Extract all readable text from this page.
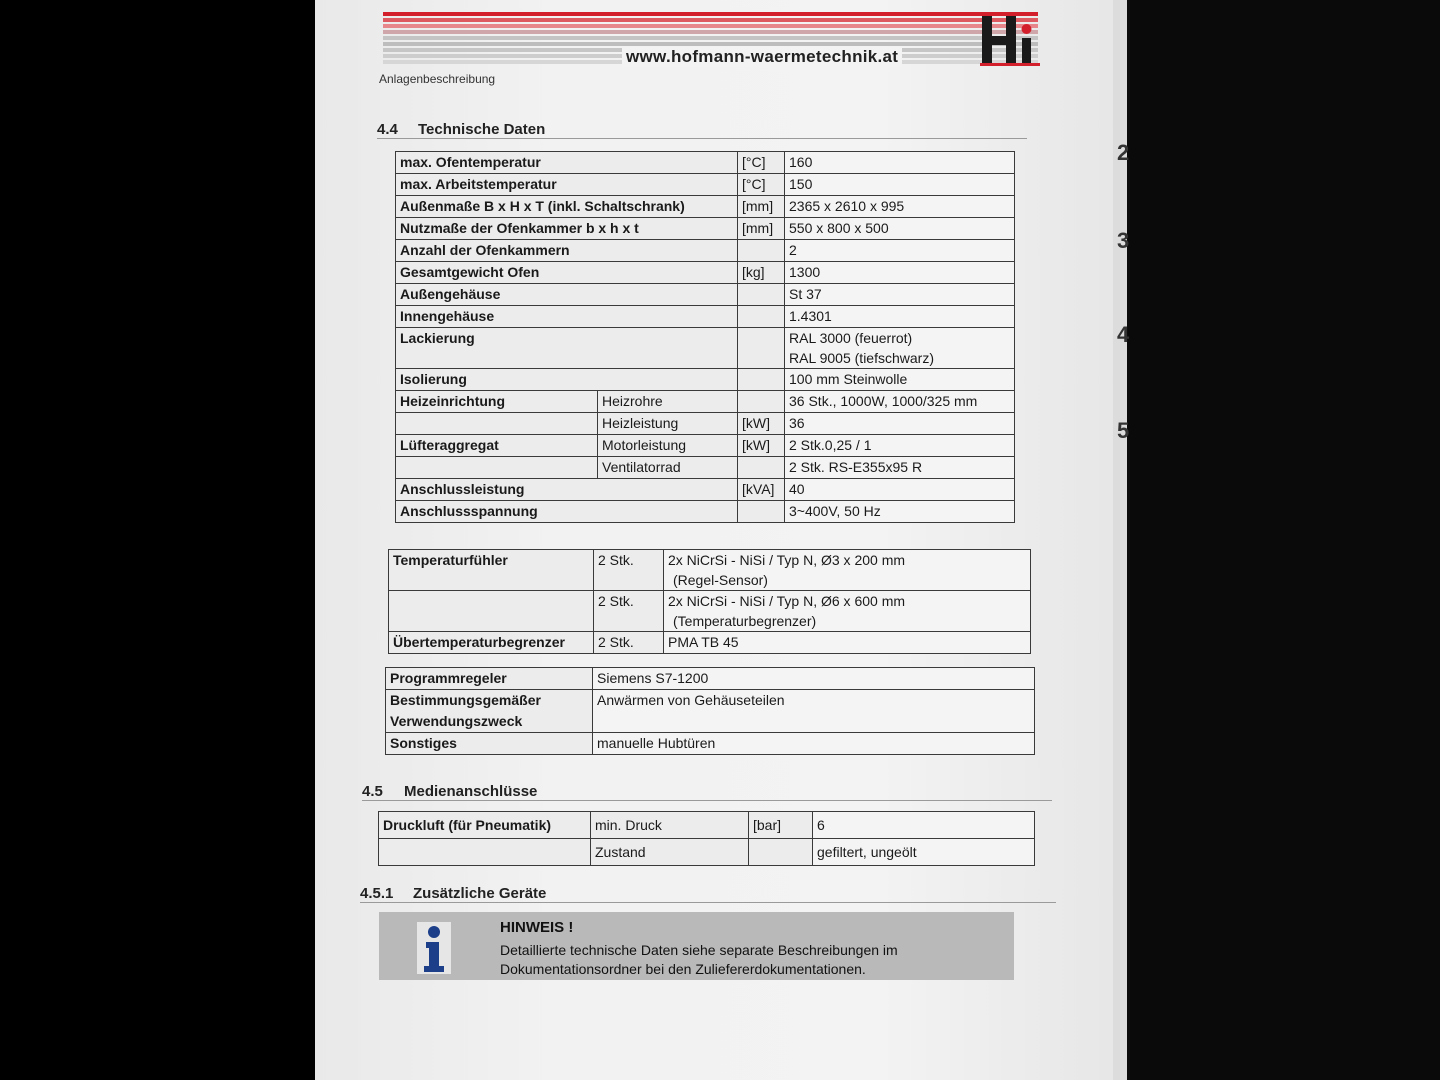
2
3
4
5
www.hofmann-waermetechnik.at
Anlagenbeschreibung
4.4 Technische Daten
max. Ofentemperatur		[°C]	160
max. Arbeitstemperatur		[°C]	150
Außenmaße B x H x T (inkl. Schaltschrank)		[mm]	2365 x 2610 x 995
Nutzmaße der Ofenkammer b x h x t		[mm]	550 x 800 x 500
Anzahl der Ofenkammern			2
Gesamtgewicht Ofen		[kg]	1300
Außengehäuse			St 37
Innengehäuse			1.4301
Lackierung			RAL 3000 (feuerrot)
RAL 9005 (tiefschwarz)

Isolierung			100 mm Steinwolle
Heizeinrichtung	Heizrohre		36 Stk., 1000W, 1000/325 mm
	Heizleistung	[kW]	36
Lüfteraggregat	Motorleistung	[kW]	2 Stk.0,25 / 1
	Ventilatorrad		2 Stk. RS-E355x95 R
Anschlussleistung		[kVA]	40
Anschlussspannung			3~400V, 50 Hz
Temperaturfühler	2 Stk.	2x NiCrSi - NiSi / Typ N, Ø3 x 200 mm
(Regel-Sensor)

	2 Stk.	2x NiCrSi - NiSi / Typ N, Ø6 x 600 mm
(Temperaturbegrenzer)

Übertemperaturbegrenzer	2 Stk.	PMA TB 45
Programmregeler	Siemens S7-1200

Bestimmungsgemäßer
Verwendungszweck	Anwärmen von Gehäuseteilen
Sonstiges	manuelle Hubtüren
4.5 Medienanschlüsse
Druckluft (für Pneumatik)	min. Druck	[bar]	6
	Zustand		gefiltert, ungeölt
4.5.1 Zusätzliche Geräte
HINWEIS !
Detaillierte technische Daten siehe separate Beschreibungen im
Dokumentationsordner bei den Zuliefererdokumentationen.
